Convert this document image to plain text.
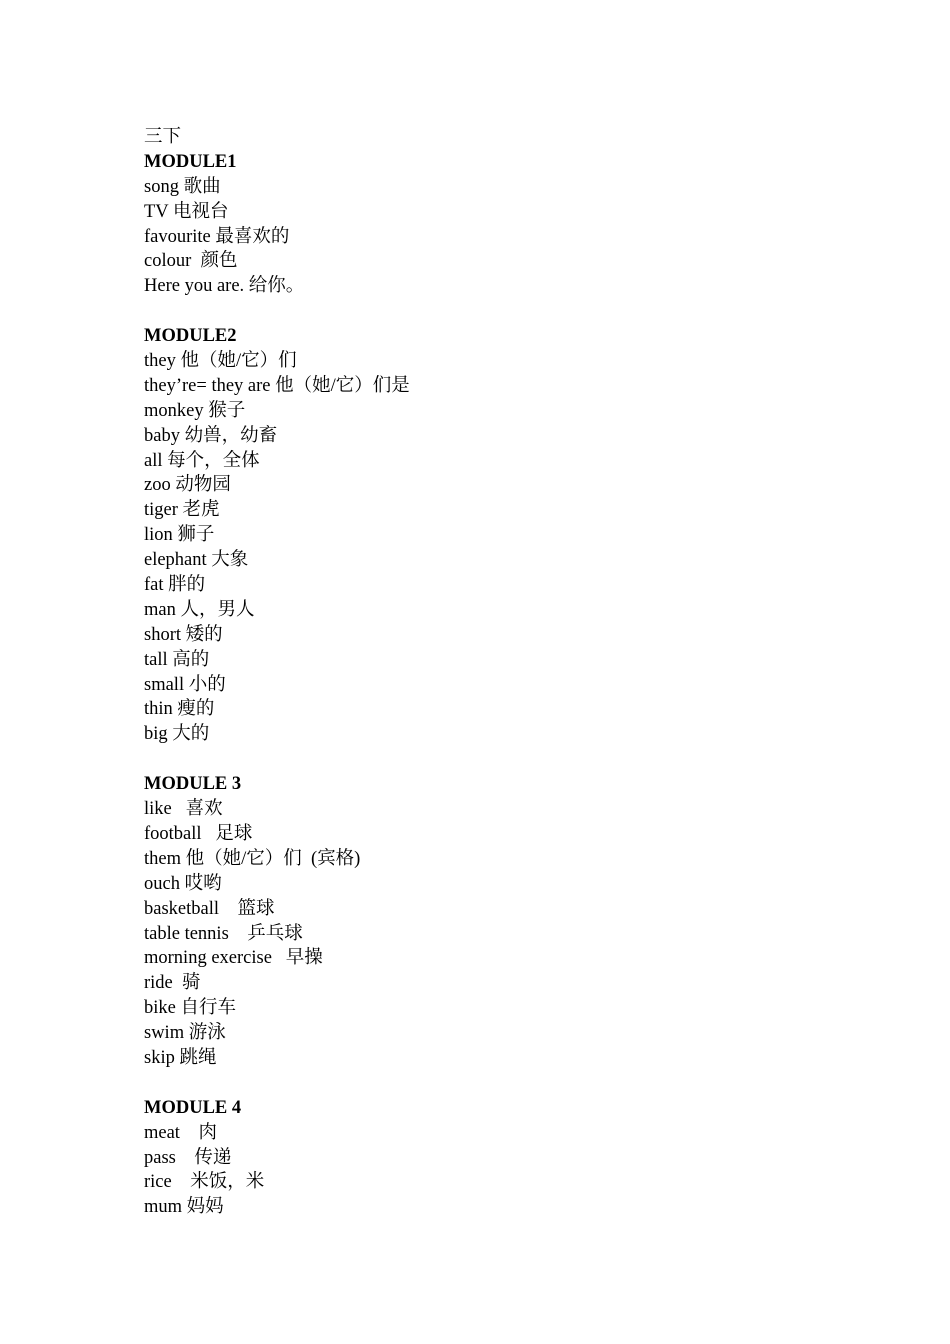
三下
MODULE1
song 歌曲
TV 电视台
favourite 最喜欢的
colour  颜色
Here you are. 给你。
MODULE2
they 他（她/它）们
they’re= they are 他（她/它）们是
monkey 猴子
baby 幼兽，幼畜
all 每个，全体
zoo 动物园
tiger 老虎
lion 狮子
elephant 大象
fat 胖的
man 人，男人
short 矮的
tall 高的
small 小的
thin 瘦的
big 大的
MODULE 3
like   喜欢
football   足球
them 他（她/它）们  (宾格)
ouch 哎哟
basketball    篮球
table tennis    乒乓球
morning exercise   早操
ride  骑
bike 自行车
swim 游泳
skip 跳绳
MODULE 4
meat    肉
pass    传递
rice    米饭，米
mum 妈妈
